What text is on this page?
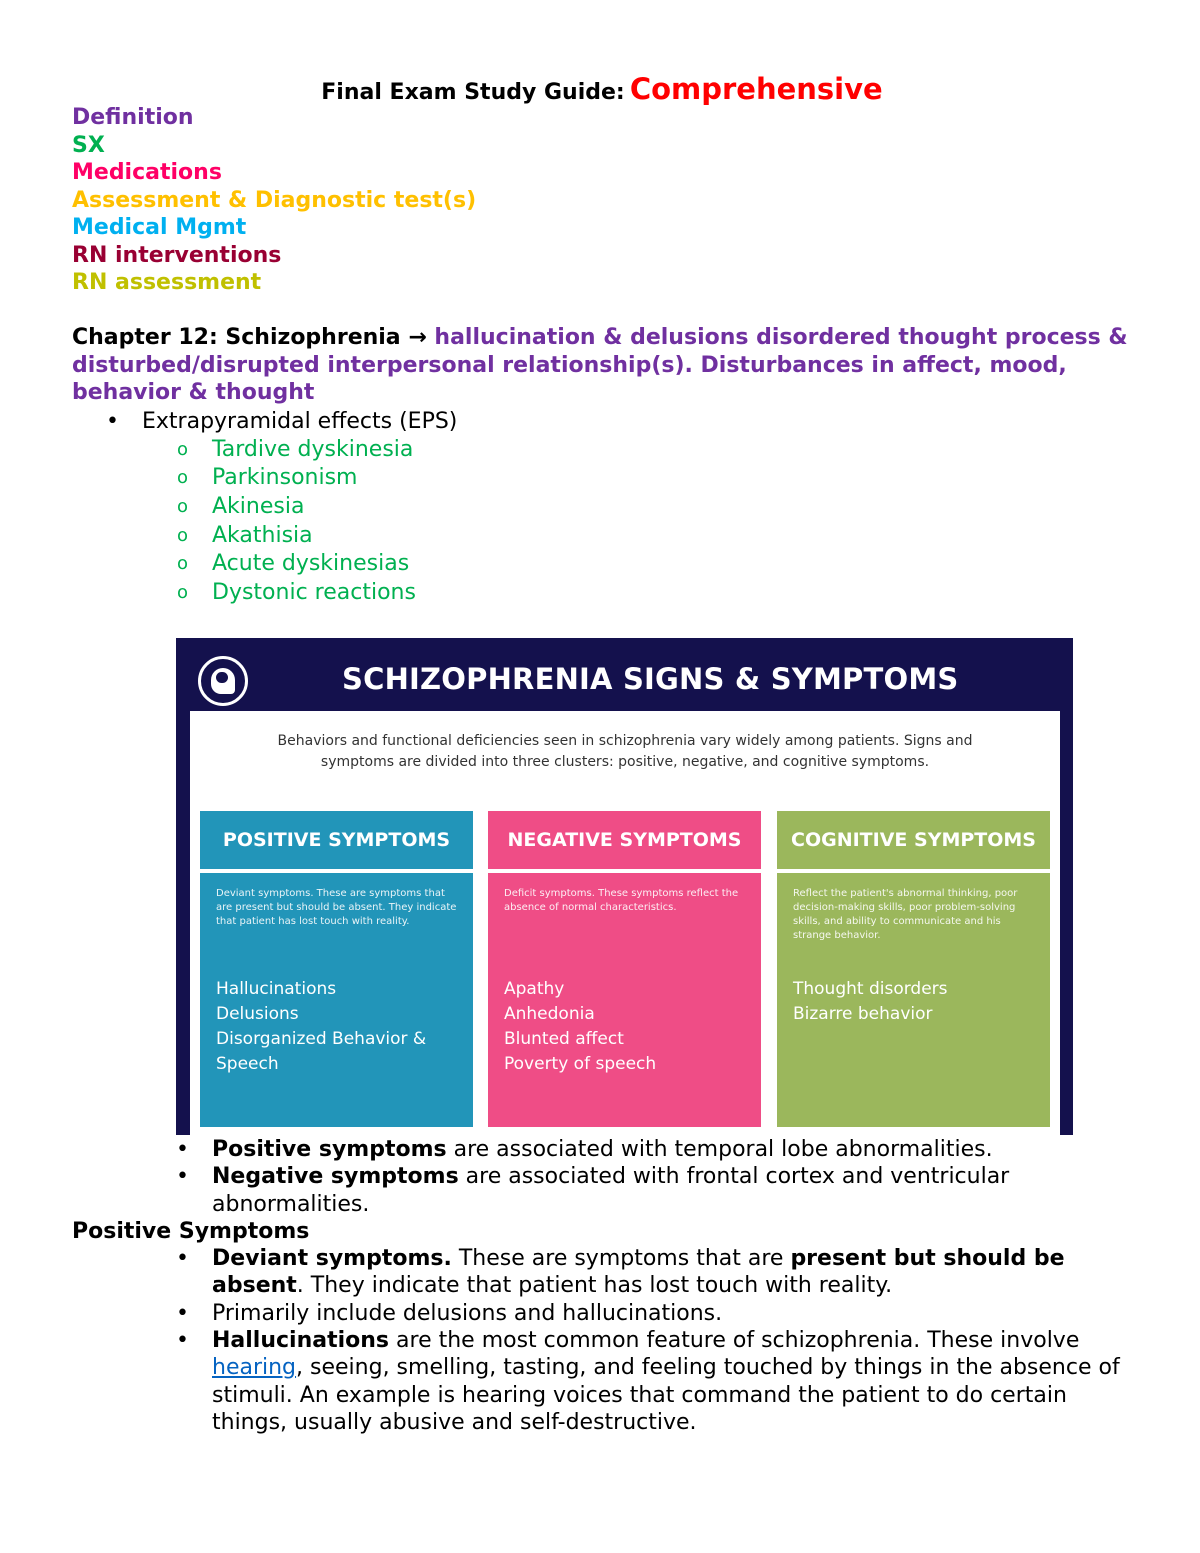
Final Exam Study Guide: Comprehensive
Definition
SX
Medications
Assessment & Diagnostic test(s)
Medical Mgmt
RN interventions
RN assessment
Chapter 12: Schizophrenia → hallucination & delusions disordered thought process & disturbed/disrupted interpersonal relationship(s). Disturbances in affect, mood, behavior & thought
• Extrapyramidal effects (EPS)
o Tardive dyskinesia
o Parkinsonism
o Akinesia
o Akathisia
o Acute dyskinesias
o Dystonic reactions
• Positive symptoms are associated with temporal lobe abnormalities.
• Negative symptoms are associated with frontal cortex and ventricular abnormalities.
Positive Symptoms
• Deviant symptoms. These are symptoms that are present but should be absent. They indicate that patient has lost touch with reality.
• Primarily include delusions and hallucinations.
• Hallucinations are the most common feature of schizophrenia. These involve hearing, seeing, smelling, tasting, and feeling touched by things in the absence of stimuli. An example is hearing voices that command the patient to do certain things, usually abusive and self-destructive.
SCHIZOPHRENIA SIGNS & SYMPTOMS
Behaviors and functional deficiencies seen in schizophrenia vary widely among patients. Signs and symptoms are divided into three clusters: positive, negative, and cognitive symptoms.
POSITIVE SYMPTOMS
Deviant symptoms. These are symptoms that are present but should be absent. They indicate that patient has lost touch with reality.
Hallucinations
Delusions
Disorganized Behavior &
Speech
NEGATIVE SYMPTOMS
Deficit symptoms. These symptoms reflect the absence of normal characteristics.
Apathy
Anhedonia
Blunted affect
Poverty of speech
COGNITIVE SYMPTOMS
Reflect the patient's abnormal thinking, poor decision-making skills, poor problem-solving skills, and ability to communicate and his strange behavior.
Thought disorders
Bizarre behavior
